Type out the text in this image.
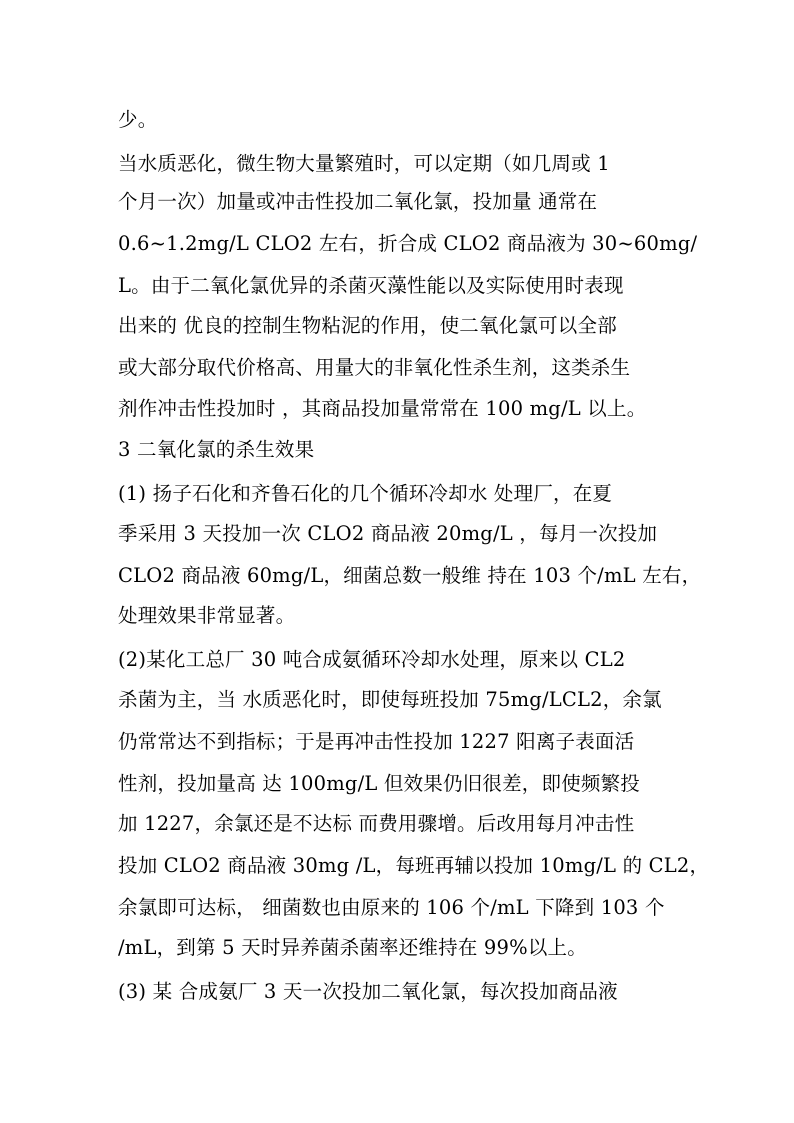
少。
当水质恶化，微生物大量繁殖时，可以定期（如几周或 1
个月一次）加量或冲击性投加二氧化氯，投加量 通常在
0.6~1.2mg/L CLO2 左右，折合成 CLO2 商品液为 30~60mg/
L。由于二氧化氯优异的杀菌灭藻性能以及实际使用时表现
出来的 优良的控制生物粘泥的作用，使二氧化氯可以全部
或大部分取代价格高、用量大的非氧化性杀生剂，这类杀生
剂作冲击性投加时 ，其商品投加量常常在 100 mg/L 以上。
3 二氧化氯的杀生效果
(1) 扬子石化和齐鲁石化的几个循环冷却水 处理厂，在夏
季采用 3 天投加一次 CLO2 商品液 20mg/L ，每月一次投加
CLO2 商品液 60mg/L，细菌总数一般维 持在 103 个/mL 左右，
处理效果非常显著。
(2)某化工总厂 30 吨合成氨循环冷却水处理，原来以 CL2
杀菌为主，当 水质恶化时，即使每班投加 75mg/LCL2，余氯
仍常常达不到指标；于是再冲击性投加 1227 阳离子表面活
性剂，投加量高 达 100mg/L 但效果仍旧很差，即使频繁投
加 1227，余氯还是不达标 而费用骤增。后改用每月冲击性
投加 CLO2 商品液 30mg /L，每班再辅以投加 10mg/L 的 CL2，
余氯即可达标， 细菌数也由原来的 106 个/mL 下降到 103 个
/mL，到第 5 天时异养菌杀菌率还维持在 99%以上。
(3) 某 合成氨厂 3 天一次投加二氧化氯，每次投加商品液
